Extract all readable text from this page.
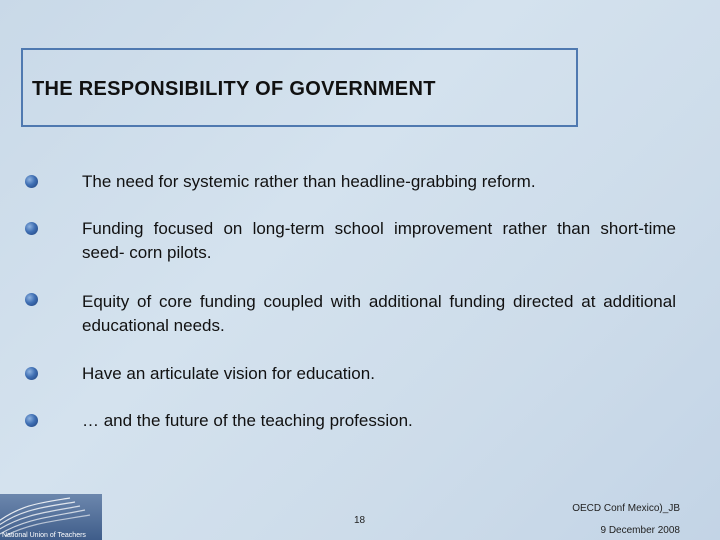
THE RESPONSIBILITY OF GOVERNMENT

The need for systemic rather than headline-grabbing reform.

Funding focused on long-term school improvement rather than short-time seed- corn pilots.

Equity of core funding coupled with additional funding directed at additional educational needs.

Have an articulate vision for education.

… and the future of the teaching profession.

National Union of Teachers
18
OECD Conf Mexico)_JB
9 December 2008
